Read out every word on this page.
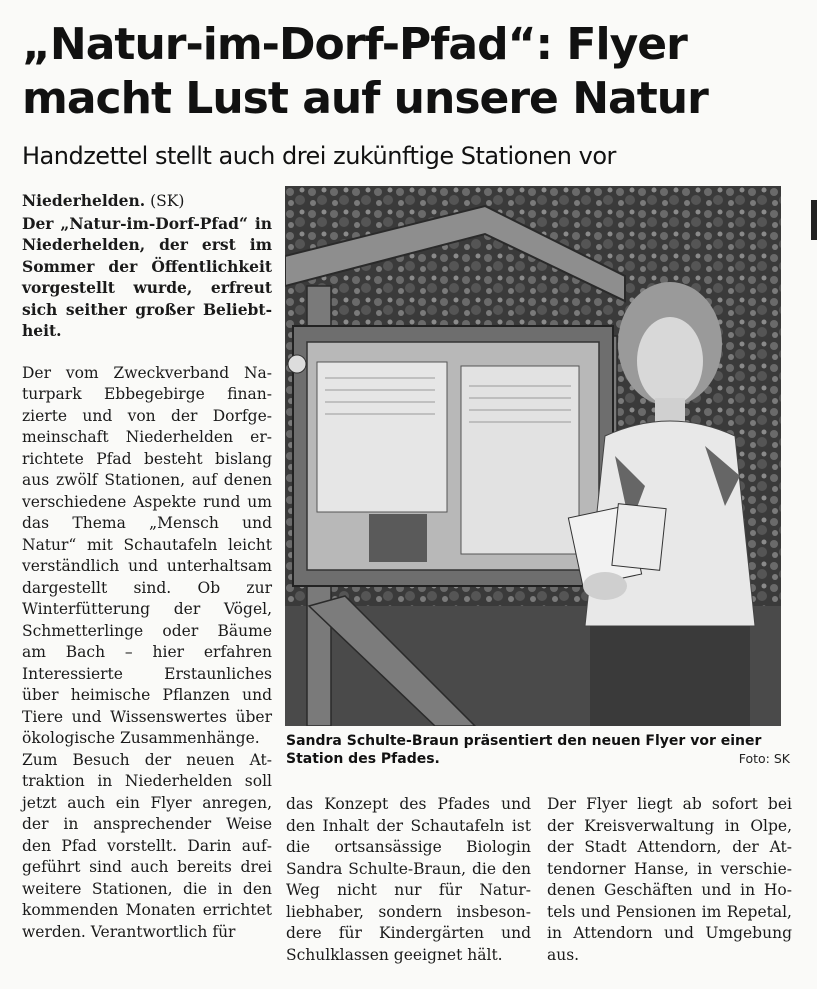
„Natur-im-Dorf-Pfad“: Flyer macht Lust auf unsere Natur
Handzettel stellt auch drei zukünftige Stationen vor

Niederhelden. (SK)

Der „Natur-im-Dorf-Pfad“ in Niederhelden, der erst im Sommer der Öffentlichkeit vorgestellt wurde, erfreut sich seither großer Beliebtheit.

Der vom Zweckverband Naturpark Ebbegebirge finanzierte und von der Dorfgemeinschaft Niederhelden errichtete Pfad besteht bislang aus zwölf Stationen, auf denen verschiedene Aspekte rund um das Thema „Mensch und Natur“ mit Schautafeln leicht verständlich und unterhaltsam dargestellt sind. Ob zur Winterfütterung der Vögel, Schmetterlinge oder Bäume am Bach – hier erfahren Interessierte Erstaunliches über heimische Pflanzen und Tiere und Wissenswertes über ökologische Zusammenhänge.

Zum Besuch der neuen Attraktion in Niederhelden soll jetzt auch ein Flyer anregen, der in ansprechender Weise den Pfad vorstellt. Darin aufgeführt sind auch bereits drei weitere Stationen, die in den kommenden Monaten errichtet werden. Verantwortlich für

Sandra Schulte-Braun präsentiert den neuen Flyer vor einer Station des Pfades.	Foto: SK

das Konzept des Pfades und den Inhalt der Schautafeln ist die ortsansässige Biologin Sandra Schulte-Braun, die den Weg nicht nur für Naturliebhaber, sondern insbesondere für Kindergärten und Schulklassen geeignet hält.

Der Flyer liegt ab sofort bei der Kreisverwaltung in Olpe, der Stadt Attendorn, der Attendorner Hanse, in verschiedenen Geschäften und in Hotels und Pensionen im Repetal, in Attendorn und Umgebung aus.
